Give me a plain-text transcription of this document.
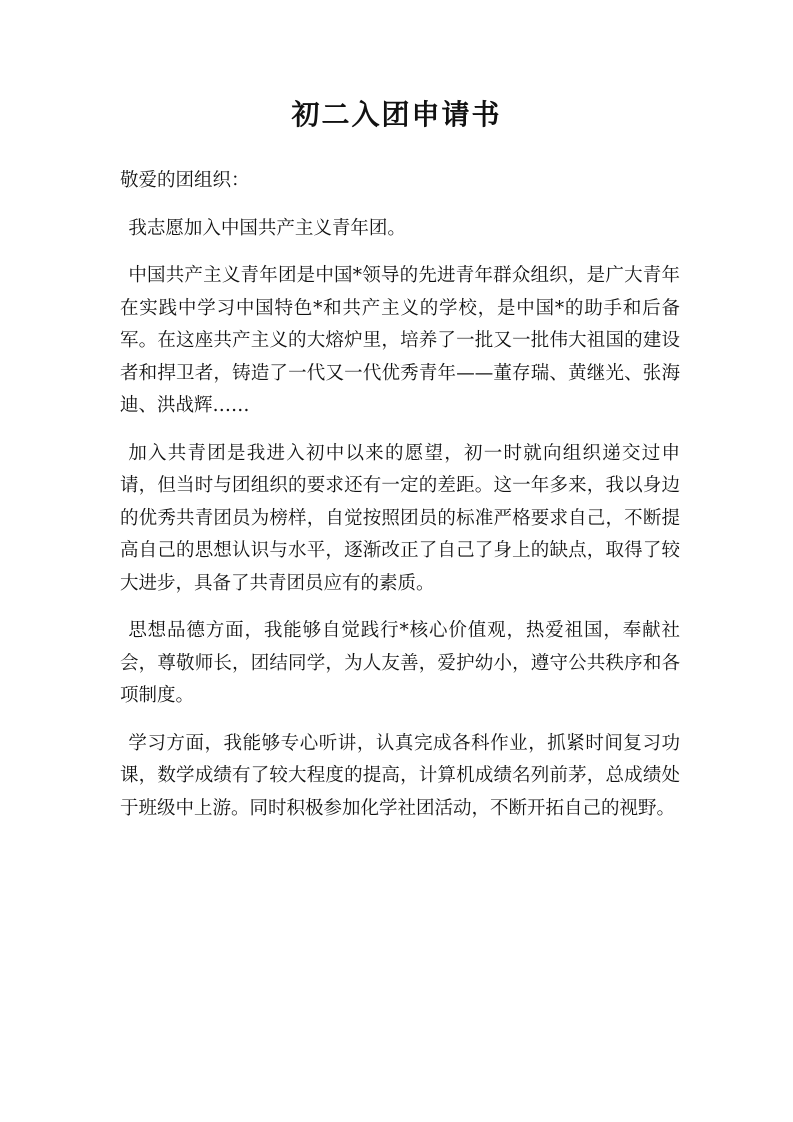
初二入团申请书

敬爱的团组织：

我志愿加入中国共产主义青年团。

中国共产主义青年团是中国*领导的先进青年群众组织，是广大青年在实践中学习中国特色*和共产主义的学校，是中国*的助手和后备军。在这座共产主义的大熔炉里，培养了一批又一批伟大祖国的建设者和捍卫者，铸造了一代又一代优秀青年——董存瑞、黄继光、张海迪、洪战辉……

加入共青团是我进入初中以来的愿望，初一时就向组织递交过申请，但当时与团组织的要求还有一定的差距。这一年多来，我以身边的优秀共青团员为榜样，自觉按照团员的标准严格要求自己，不断提高自己的思想认识与水平，逐渐改正了自己了身上的缺点，取得了较大进步，具备了共青团员应有的素质。

思想品德方面，我能够自觉践行*核心价值观，热爱祖国，奉献社会，尊敬师长，团结同学，为人友善，爱护幼小，遵守公共秩序和各项制度。

学习方面，我能够专心听讲，认真完成各科作业，抓紧时间复习功课，数学成绩有了较大程度的提高，计算机成绩名列前茅，总成绩处于班级中上游。同时积极参加化学社团活动，不断开拓自己的视野。
